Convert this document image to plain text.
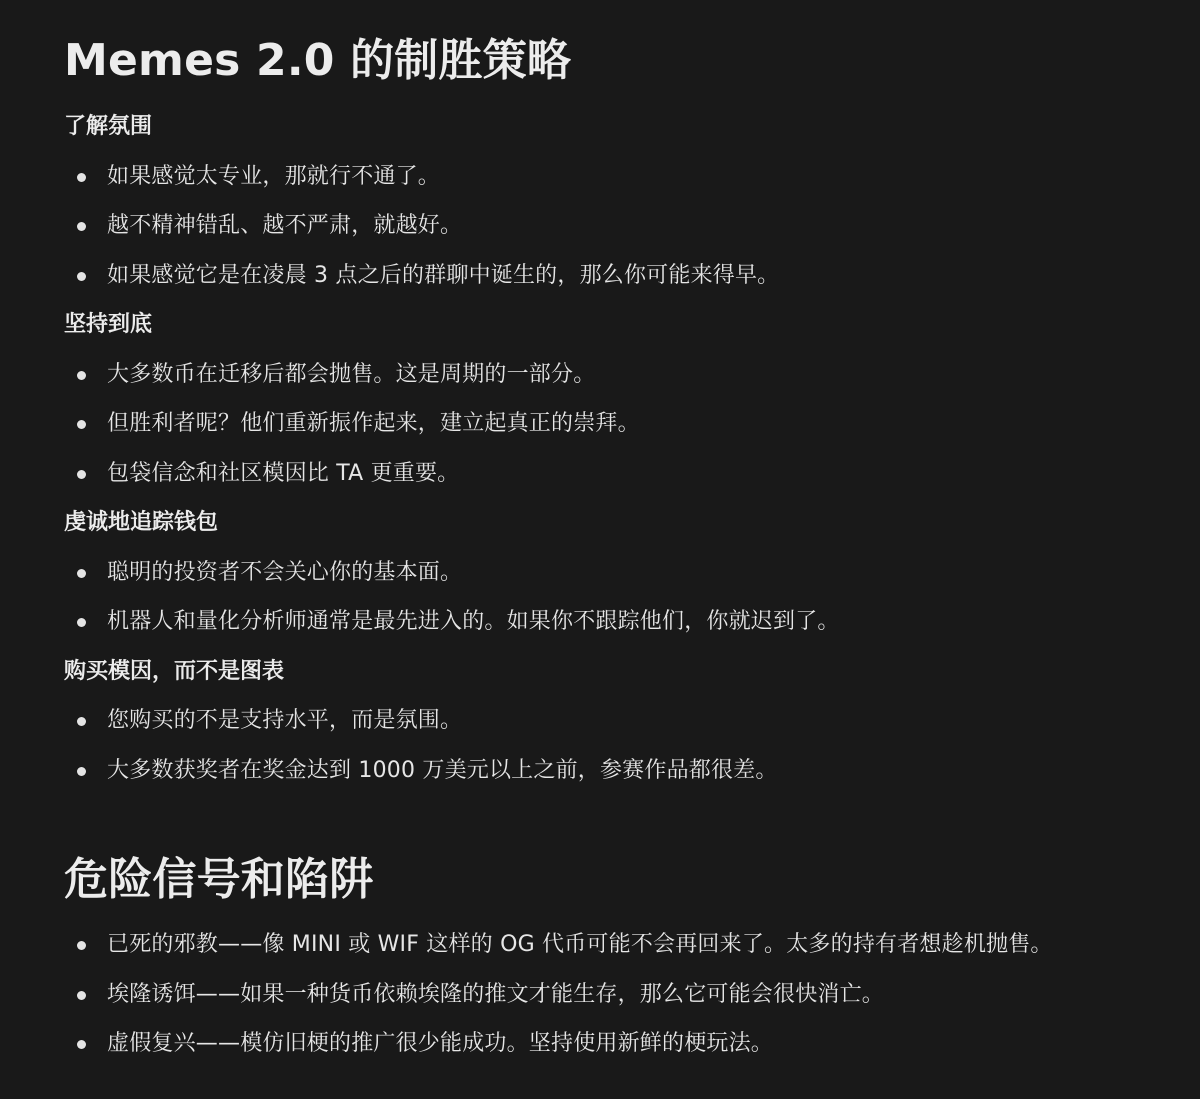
Memes 2.0 的制胜策略
了解氛围
如果感觉太专业，那就行不通了。
越不精神错乱、越不严肃，就越好。
如果感觉它是在凌晨 3 点之后的群聊中诞生的，那么你可能来得早。
坚持到底
大多数币在迁移后都会抛售。这是周期的一部分。
但胜利者呢？他们重新振作起来，建立起真正的崇拜。
包袋信念和社区模因比 TA 更重要。
虔诚地追踪钱包
聪明的投资者不会关心你的基本面。
机器人和量化分析师通常是最先进入的。如果你不跟踪他们，你就迟到了。
购买模因，而不是图表
您购买的不是支持水平，而是氛围。
大多数获奖者在奖金达到 1000 万美元以上之前，参赛作品都很差。
危险信号和陷阱
已死的邪教——像 MINI 或 WIF 这样的 OG 代币可能不会再回来了。太多的持有者想趁机抛售。
埃隆诱饵——如果一种货币依赖埃隆的推文才能生存，那么它可能会很快消亡。
虚假复兴——模仿旧梗的推广很少能成功。坚持使用新鲜的梗玩法。
